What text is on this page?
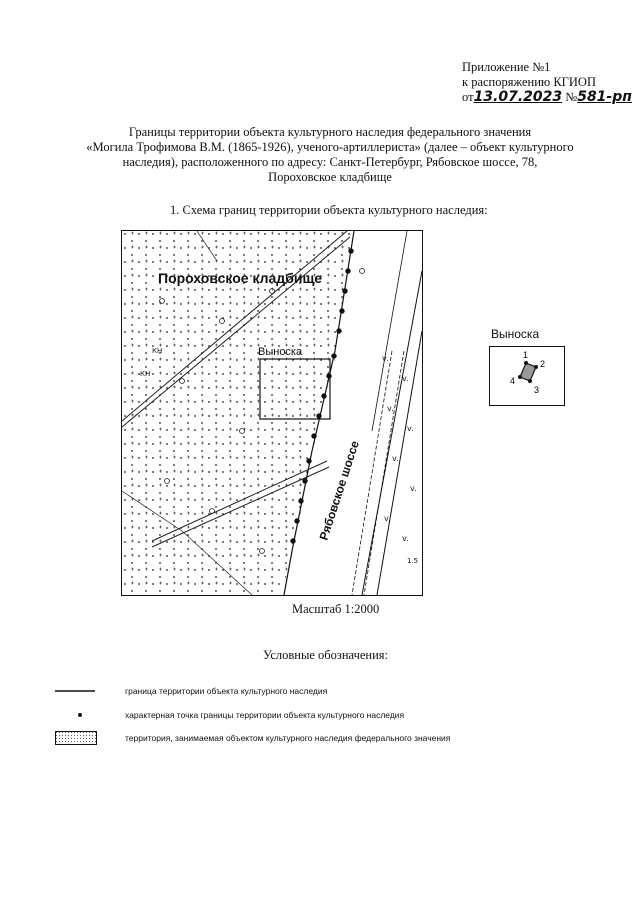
Приложение №1
к распоряжению КГИОП
от13.07.2023 №581-рп
Границы территории объекта культурного наследия федерального значения
«Могила Трофимова В.М. (1865-1926), ученого-артиллериста» (далее – объект культурного
наследия), расположенного по адресу: Санкт-Петербург, Рябовское шоссе, 78,
Пороховское кладбище
1. Схема границ территории объекта культурного наследия:
v.
v.
v.
v.
v.
v.
v.
v.
Выноска
Пороховское кладбище
Рябовское шоссе
КН
КН
1.5
Выноска
1
2
3
4
Масштаб 1:2000
Условные обозначения:
граница территории объекта культурного наследия
характерная точка границы территории объекта культурного наследия
территория, занимаемая объектом культурного наследия федерального значения
